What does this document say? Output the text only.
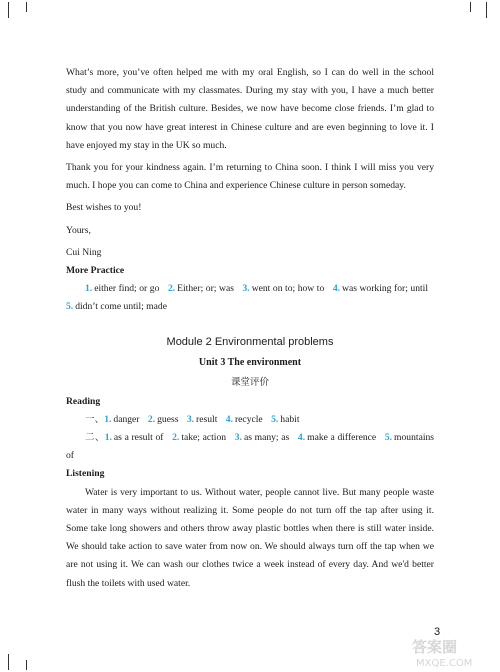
What’s more, you’ve often helped me with my oral English, so I can do well in the school study and communicate with my classmates. During my stay with you, I have a much better understanding of the British culture. Besides, we now have become close friends. I’m glad to know that you now have great interest in Chinese culture and are even beginning to love it. I have enjoyed my stay in the UK so much.

Thank you for your kindness again. I’m returning to China soon. I think I will miss you very much. I hope you can come to China and experience Chinese culture in person someday.

Best wishes to you!

Yours,

Cui Ning

More Practice

1. either find; or go 2. Either; or; was 3. went on to; how to 4. was working for; until 5. didn’t come until; made

Module 2 Environmental problems

Unit 3 The environment

课堂评价

Reading

一、1. danger 2. guess 3. result 4. recycle 5. habit

二、1. as a result of 2. take; action 3. as many; as 4. make a difference 5. mountains of

Listening

Water is very important to us. Without water, people cannot live. But many people waste water in many ways without realizing it. Some people do not turn off the tap after using it. Some take long showers and others throw away plastic bottles when there is still water inside. We should take action to save water from now on. We should always turn off the tap when we are not using it. We can wash our clothes twice a week instead of every day. And we'd better flush the toilets with used water.

3
答案圈
MXQE.COM
